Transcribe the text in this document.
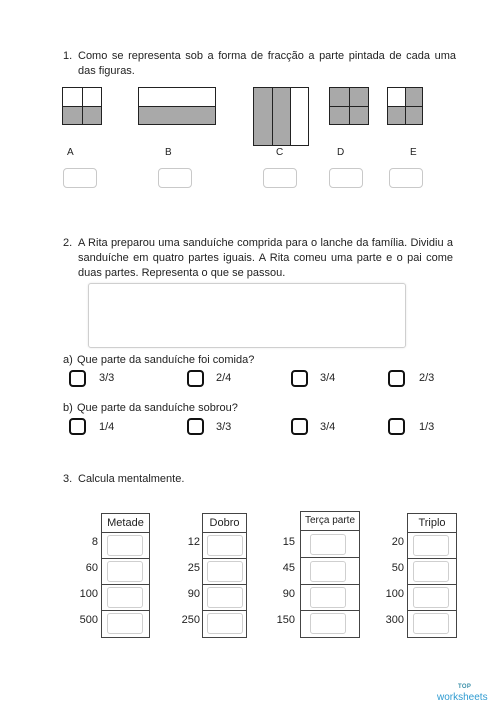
1. Como se representa sob a forma de fracção a parte pintada de cada uma das figuras.
A	B	C	D	E
2. A Rita preparou uma sanduíche comprida para o lanche da família. Dividiu a sanduíche em quatro partes iguais. A Rita comeu uma parte e o pai come duas partes. Representa o que se passou.
a) Que parte da sanduíche foi comida?
3/3	2/4	3/4	2/3
b) Que parte da sanduíche sobrou?
1/4	3/3	3/4	1/3
3. Calcula mentalmente.
Metade
8
60
100
500
Dobro
12
25
90
250
Terça parte
15
45
90
150
Triplo
20
50
100
300
TOP
worksheets
